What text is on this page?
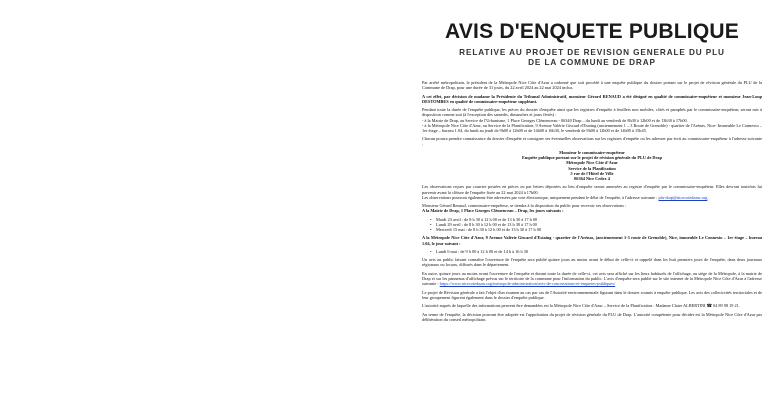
AVIS D'ENQUETE PUBLIQUE
RELATIVE AU PROJET DE REVISION GENERALE DU PLU
DE LA COMMUNE DE DRAP
Par arrêté métropolitain, le président de la Métropole Nice Côte d'Azur a ordonné que soit procédé à une enquête publique du dossier portant sur le projet de révision générale du PLU de la Commune de Drap, pour une durée de 31 jours, du 22 avril 2024 au 22 mai 2024 inclus.
A cet effet, par décision de madame la Présidente du Tribunal Administratif, monsieur Gérard RENAUD a été désigné en qualité de commissaire-enquêteur et monsieur Jean-Loup DESTOMBES en qualité de commissaire-enquêteur suppléant.
Pendant toute la durée de l'enquête publique, les pièces du dossier d'enquête ainsi que les registres d'enquête à feuillets non mobiles, côtés et paraphés par le commissaire-enquêteur, seront mis à disposition comme suit (à l'exception des samedis, dimanches et jours fériés) :
- à la Mairie de Drap, au Service de l'Urbanisme, 1 Place Georges Clémenceau - 06340 Drap – du lundi au vendredi de 8h30 à 12h00 et de 13h30 à 17h00.
- à la Métropole Nice Côte d'Azur, au Service de la Planification, 9 Avenue Valérie Giscard d'Estaing (anciennement 1 – 3 Route de Grenoble) - quartier de l'Arénas, Nice- Immeuble Le Connexio – 1er étage – bureau 1.04, du lundi au jeudi de 9h00 à 12h00 et de 14h00 à 16h30, le vendredi de 9h00 à 12h00 et de 14h00 à 15h45.
Chacun pourra prendre connaissance du dossier d'enquête et consigner ses éventuelles observations sur les registres d'enquête ou les adresser par écrit au commissaire-enquêteur à l'adresse suivante :
Monsieur le commissaire-enquêteur
Enquête publique portant sur le projet de révision générale du PLU de Drap
Métropole Nice Côte d'Azur
Service de la Planification
5 rue de l'Hôtel de Ville
06364 Nice Cedex 4
Les observations reçues par courrier postées en pièces ou par lettres déposées au lieu d'enquête seront annexées au registre d'enquête par le commissaire-enquêteur. Elles devront toutefois lui parvenir avant la clôture de l'enquête fixée au 22 mai 2024 à 17h00.
Les observations pourront également être adressées par voie électronique, uniquement pendant le délai de l'enquête, à l'adresse suivante : plu-drap@nicecotedazur.org
Monsieur Gérard Renaud, commissaire-enquêteur, se tiendra à la disposition du public pour recevoir ses observations :
A la Mairie de Drap, 1 Place Georges Clémenceau – Drap, les jours suivants :
• Mardi 23 avril : de 8 h 30 à 12 h 00 et de 13 h 30 à 17 h 00
• Lundi 29 avril : de 8 h 30 à 12 h 00 et de 13 h 30 à 17 h 00
• Mercredi 15 mai : de 8 h 30 à 12 h 00 et de 13 h 30 à 17 h 00
A la Métropole Nice Côte d'Azur, 9 Avenue Valérie Giscard d'Estaing - quartier de l'Arénas, (anciennement 1-3 route de Grenoble), Nice, immeuble Le Connexio – 1er étage – bureau 1.04, le jour suivant :
• Lundi 6 mai : de 9 h 00 à 12 h 00 et de 14 h à 16 h 30
Un avis au public faisant connaître l'ouverture de l'enquête sera publié quinze jours au moins avant le début de celle-ci et rappelé dans les huit premiers jours de l'enquête, dans deux journaux régionaux ou locaux, diffusés dans le département.
En outre, quinze jours au moins avant l'ouverture de l'enquête et durant toute la durée de celle-ci, cet avis sera affiché sur les lieux habituels de l'affichage, au siège de la Métropole, à la mairie de Drap et sur les panneaux d'affichage prévus sur le territoire de la commune pour l'information du public. L'avis d'enquête sera publié sur le site internet de la Métropole Nice Côte d'Azur à l'adresse suivante : https://www.nicecotedazur.org/metropole-administration/avis-de-concertations-et-enquetes-publiques/
Le projet de Révision générale a fait l'objet d'un examen au cas par cas de l'Autorité environnementale figurant dans le dossier soumis à enquête publique. Les avis des collectivités territoriales et de leur groupement figurent également dans le dossier d'enquête publique.
L'autorité auprès de laquelle des informations peuvent être demandées est la Métropole Nice Côte d'Azur – Service de la Planification : Madame Claire ALBERTINI ☎ 04 89 98 19 21.
Au terme de l'enquête, la décision pouvant être adoptée est l'approbation du projet de révision générale du PLU de Drap. L'autorité compétente pour décider est la Métropole Nice Côte d'Azur par délibération du conseil métropolitain.
